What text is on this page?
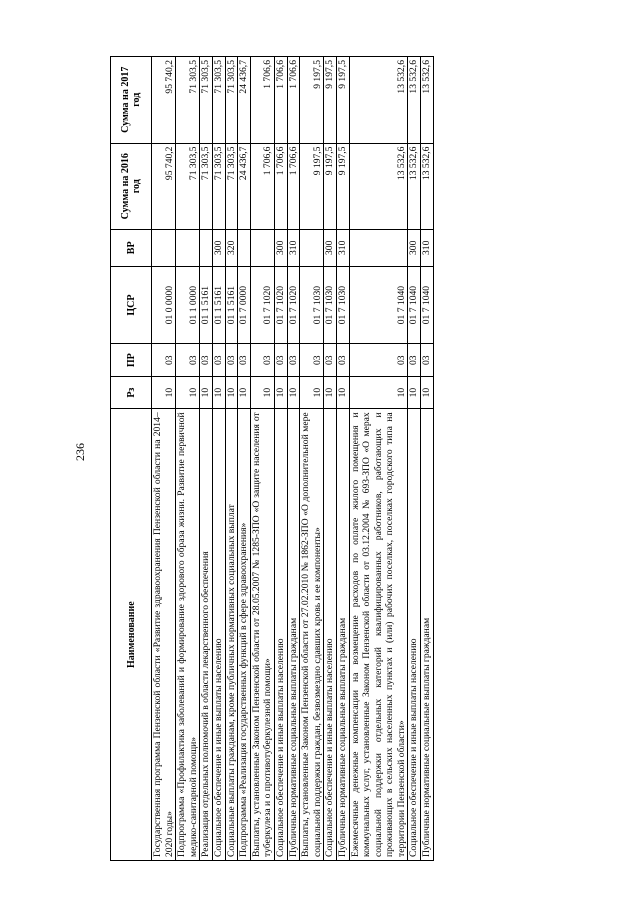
236
Наименование	Рз	ПР	ЦСР	ВР	Сумма на 2016 год	Сумма на 2017 год
Государственная программа Пензенской области «Развитие здравоохранения Пензенской области на 2014–2020 годы»	10	03	01 0 0000		95 740,2	95 740,2
Подпрограмма «Профилактика заболеваний и формирование здорового образа жизни. Развитие первичной медико-санитарной помощи»	10	03	01 1 0000		71 303,5	71 303,5
Реализация отдельных полномочий в области лекарственного обеспечения	10	03	01 1 5161		71 303,5	71 303,5
Социальное обеспечение и иные выплаты населению	10	03	01 1 5161	300	71 303,5	71 303,5
Социальные выплаты гражданам, кроме публичных нормативных социальных выплат	10	03	01 1 5161	320	71 303,5	71 303,5
Подпрограмма «Реализация государственных функций в сфере здравоохранения»	10	03	01 7 0000		24 436,7	24 436,7
Выплаты, установленные Законом Пензенской области от 28.05.2007 № 1285-ЗПО «О защите населения от туберкулеза и о противотуберкулезной помощи»	10	03	01 7 1020		1 706,6	1 706,6
Социальное обеспечение и иные выплаты населению	10	03	01 7 1020	300	1 706,6	1 706,6
Публичные нормативные социальные выплаты гражданам	10	03	01 7 1020	310	1 706,6	1 706,6
Выплаты, установленные Законом Пензенской области от 27.02.2010 № 1862-ЗПО «О дополнительной мере социальной поддержки граждан, безвозмездно сдавших кровь и ее компоненты»	10	03	01 7 1030		9 197,5	9 197,5
Социальное обеспечение и иные выплаты населению	10	03	01 7 1030	300	9 197,5	9 197,5
Публичные нормативные социальные выплаты гражданам	10	03	01 7 1030	310	9 197,5	9 197,5
Ежемесячные денежные компенсации на возмещение расходов по оплате жилого помещения и коммунальных услуг, установленные Законом Пензенской области от 03.12.2004 № 693-ЗПО «О мерах социальной поддержки отдельных категорий квалифицированных работников, работающих и проживающих в сельских населенных пунктах и (или) рабочих поселках, поселках городского типа на территории Пензенской области»	10	03	01 7 1040		13 532,6	13 532,6
Социальное обеспечение и иные выплаты населению	10	03	01 7 1040	300	13 532,6	13 532,6
Публичные нормативные социальные выплаты гражданам	10	03	01 7 1040	310	13 532,6	13 532,6
